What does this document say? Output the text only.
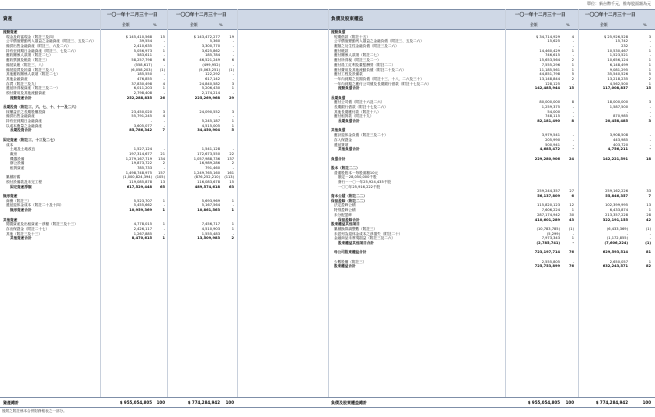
單位：新台幣千元，惟每股面額為元
資產
一〇一年十二月三十一日	一〇〇年十二月三十一日
金額	%	金額	%
負債及股東權益
一〇一年十二月三十一日	一〇〇年十二月三十一日
金額	%	金額	%
流動資產
現金及約當現金（附註三及四）	$ 145,410,568	15	$ 143,472,277	19
公平價值變動列入損益之金融資產（附註三、五及二六）	39,554	-	5,360	-
備供出售金融資產（附註三、六及二六）	2,410,635	-	3,300,770	-
持有至到期日金融資產（附註三、七及二六）	5,056,973	1	3,625,862	-
應收關係人款項（附註二七）	583,611	-	185,784	-
應收票據及帳款（附註三）	58,257,798	6	46,521,249	6
備抵呆帳（附註三、八）	(558,617)	-	(499,952)	-
備抵退貨及折讓（附註三及八）	(6,058,203)	(1)	(5,063,251)	(1)
其他應收關係人款項（附註二七）	185,550	-	122,292	-
其他金融資產	476,855	-	617,142	-
存貨（附註三及九）	37,830,498	4	24,840,582	3
遞延所得稅資產（附註三及二一）	6,011,203	1	5,206,430	1
預付費用及其他流動資產	2,798,408	-	2,174,214	-
流動資產合計	252,288,835	26	225,269,968	29
長期投資（附註三、六、七、十、十一及二六）
採權益法之長期股權投資	23,450,020	3	24,090,552	3
備供出售金融資產	55,791,245	4	-	-
持有至到期日金融資產	-	-	5,245,187	1
以成本衡量之金融資產	3,605,077	-	4,515,005	1
長期投資合計	85,786,342	7	34,450,904	5
固定資產（附註三、十三及二七）
成本
土地及土地改良	1,527,124	-	1,541,128	-
廠房	197,314,677	21	172,673,550	22
機器設備	1,279,167,719	134	1,057,988,736	137
辦公設備	19,873,722	2	16,989,286	2
租賃資產	785,733	-	791,460	-
1,498,748,975	157	1,249,765,160	161
累積折舊	(1,000,824,394) (105)	(876,252,210)	(113)
預付設備款及未完工程	119,085,878	13	116,083,678	15
固定資產淨額	617,529,448	65	489,574,618	63
無形資產
商譽（附註三）	5,523,707	1	5,693,969	1
遞延退休金成本（附註二十及十四）	5,455,662	-	5,167,564	-
無形資產合計	10,959,369	1	10,861,563	1
其他資產
閒置資產及出租資產－淨額（附註三及十三）	4,778,015	1	7,456,717	1
存出保證金（附註二十七）	2,426,117	-	4,510,903	1
其他（附註三及十三）	1,267,885	-	1,555,483	-
其他資產合計	8,470,615	1	13,509,983	2
流動負債
短期借款（附註十五）	$ 34,714,929	4	$ 25,926,528	3
公平價值變動列入損益之金融負債（附註三、五及二六）	15,625	-	15,742	-
避險之衍生性金融負債（附註三及二六）	-	-	232	-
應付帳款	14,460,429	1	10,530,467	1
應付關係人款項（附註二七）	746,615	-	1,523,521	-
應付所得稅（附註三及二一）	15,653,564	2	10,656,124	1
應付員工紅利及董監酬勞（附註二二）	7,555,296	1	6,148,499	1
應付費用及其他流動負債（附註二十及二六）	11,185,561	1	9,081,295	1
應付工程及設備款	44,851,798	5	35,540,526	5
一年內到期之長期負債（附註十三、十八、二六及三十）	13,148,844	2	13,218,235	2
一年內到期之應付公司債及長期銀行借款（附註十七及二六）	128,125	-	4,562,500	1
流動負債合計	142,485,944	15	117,008,837	15
長期負債
應付公司債（附註十六及二六）	80,000,000	8	18,000,000	3
長期銀行借款（附註十七及二六）	1,259,375	-	1,587,500	-
其他長期應付款（附註十八）	54,000	-	-	-
應付租賃款（附註十九）	748,115	-	870,985	-
長期負債合計	82,181,490	8	20,458,485	3
其他負債
應計退休金負債（附註三及二十）	3,979,541	-	3,908,508	-
存入保證金	205,990	-	443,985	-
遞延貸項	500,941	-	403,720	-
其他負債合計	4,685,472	-	4,756,211	-
負債合計	229,280,906	24	142,221,591	18
股本（附註二二）
普通股股本－每股面額10元
額定－28,050,000千股
發行－一〇一年25,924,435千股
一〇〇年25,916,222千股
259,244,357	27	259,162,226	33
資本公積（附註二二）	56,137,809	6	55,846,357	7
保留盈餘（附註二二）
法定盈餘公積	115,820,123	12	102,399,995	13
特別盈餘公積	7,606,224	1	6,433,874	1
未分配盈餘	287,174,942	30	213,357,228	28
保留盈餘合計	410,601,289	43	322,191,155	42
股東權益其他項目
累積換算調整數（附註三）	(10,783,785)	(1)	(6,433,369)	(1)
未認列為退休金成本之淨損失（附註二十）	(5,299)	-	-	-
金融商品未實現損益（附註三及二六）	7,973,343	1	(1,172,855)	-
股東權益其他項目合計	(2,785,741)	-	(7,606,224)	(1)
母公司股東權益合計	723,197,714	76	629,593,514	81
少數股權（附註三）	2,555,805	-	2,650,057	1
股東權益合計	725,753,899	76	632,243,571	82
資產總計	$ 955,054,805	100	$ 774,284,942	100	負債及股東權益總計	$ 955,054,805	100	$ 774,284,942	100
後附之附註係本合併財務報表之一部分。
